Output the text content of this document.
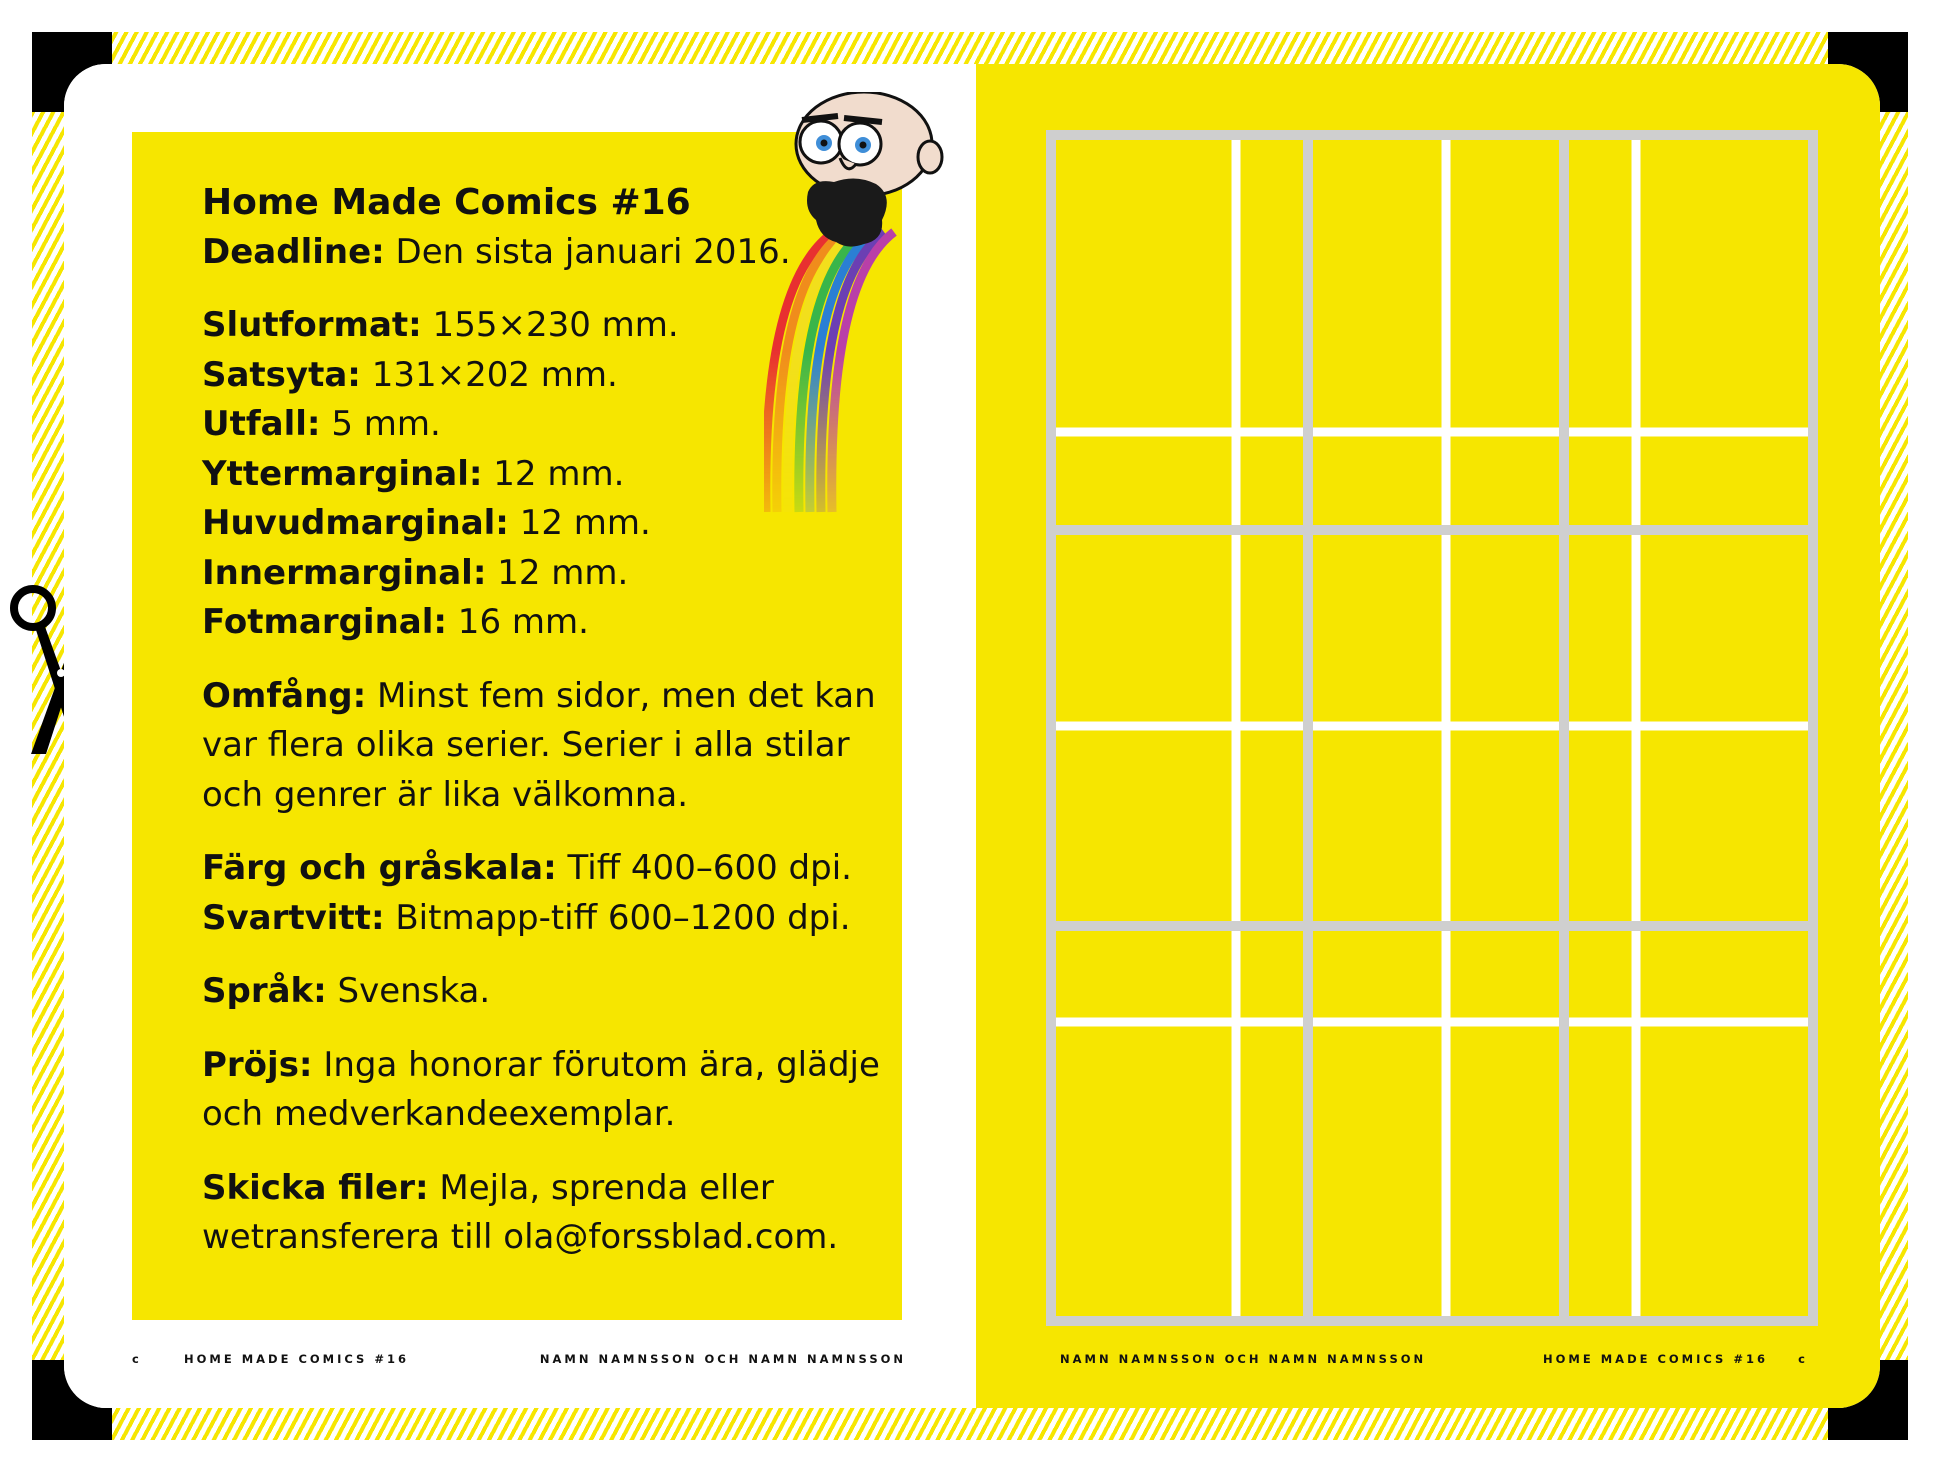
Home Made Comics #16
Deadline: Den sista januari 2016.

Slutformat: 155×230 mm.
Satsyta: 131×202 mm.
Utfall: 5 mm.
Yttermarginal: 12 mm.
Huvudmarginal: 12 mm.
Innermarginal: 12 mm.
Fotmarginal: 16 mm.

Omfång: Minst fem sidor, men det kan
var flera olika serier. Serier i alla stilar
och genrer är lika välkomna.

Färg och gråskala: Tiff 400–600 dpi.
Svartvitt: Bitmapp-tiff 600–1200 dpi.

Språk: Svenska.

Pröjs: Inga honorar förutom ära, glädje
och medverkandeexemplar.

Skicka filer: Mejla, sprenda eller
wetransferera till ola@forssblad.com.

c	HOME MADE COMICS #16	NAMN NAMNSSON OCH NAMN NAMNSSON	NAMN NAMNSSON OCH NAMN NAMNSSON	HOME MADE COMICS #16	c
